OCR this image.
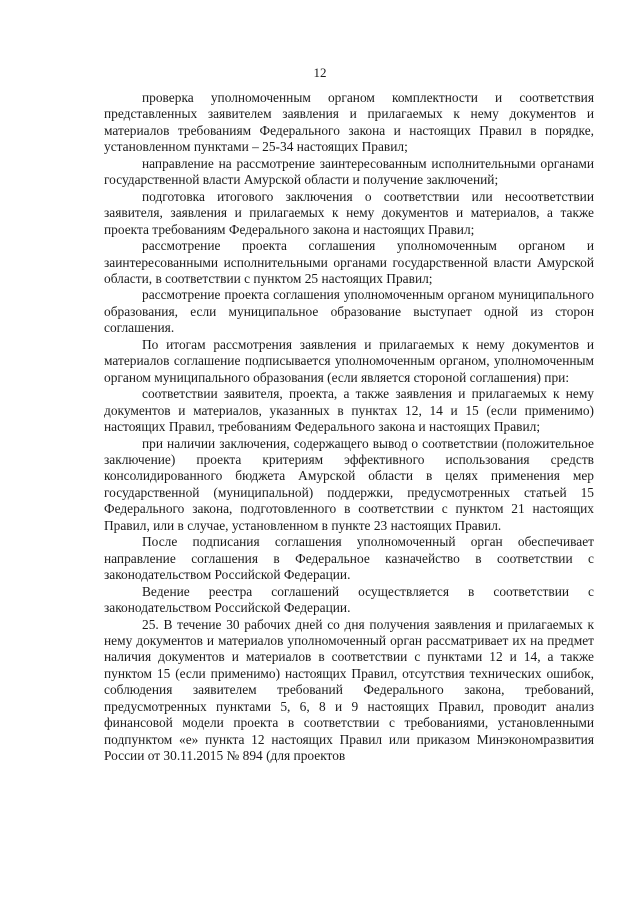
12

проверка уполномоченным органом комплектности и соответствия представленных заявителем заявления и прилагаемых к нему документов и материалов требованиям Федерального закона и настоящих Правил в порядке, установленном пунктами – 25-34 настоящих Правил;

направление на рассмотрение заинтересованным исполнительными органами государственной власти Амурской области и получение заключений;

подготовка итогового заключения о соответствии или несоответствии заявителя, заявления и прилагаемых к нему документов и материалов, а также проекта требованиям Федерального закона и настоящих Правил;

рассмотрение проекта соглашения уполномоченным органом и заинтересованными исполнительными органами государственной власти Амурской области, в соответствии с пунктом 25 настоящих Правил;

рассмотрение проекта соглашения уполномоченным органом муниципального образования, если муниципальное образование выступает одной из сторон соглашения.

По итогам рассмотрения заявления и прилагаемых к нему документов и материалов соглашение подписывается уполномоченным органом, уполномоченным органом муниципального образования (если является стороной соглашения) при:

соответствии заявителя, проекта, а также заявления и прилагаемых к нему документов и материалов, указанных в пунктах 12, 14 и 15 (если применимо) настоящих Правил, требованиям Федерального закона и настоящих Правил;

при наличии заключения, содержащего вывод о соответствии (положительное заключение) проекта критериям эффективного использования средств консолидированного бюджета Амурской области в целях применения мер государственной (муниципальной) поддержки, предусмотренных статьей 15 Федерального закона, подготовленного в соответствии с пунктом 21 настоящих Правил, или в случае, установленном в пункте 23 настоящих Правил.

После подписания соглашения уполномоченный орган обеспечивает направление соглашения в Федеральное казначейство в соответствии с законодательством Российской Федерации.

Ведение реестра соглашений осуществляется в соответствии с законодательством Российской Федерации.

25. В течение 30 рабочих дней со дня получения заявления и прилагаемых к нему документов и материалов уполномоченный орган рассматривает их на предмет наличия документов и материалов в соответствии с пунктами 12 и 14, а также пунктом 15 (если применимо) настоящих Правил, отсутствия технических ошибок, соблюдения заявителем требований Федерального закона, требований, предусмотренных пунктами 5, 6, 8 и 9 настоящих Правил, проводит анализ финансовой модели проекта в соответствии с требованиями, установленными подпунктом «е» пункта 12 настоящих Правил или приказом Минэкономразвития России от 30.11.2015 № 894 (для проектов
